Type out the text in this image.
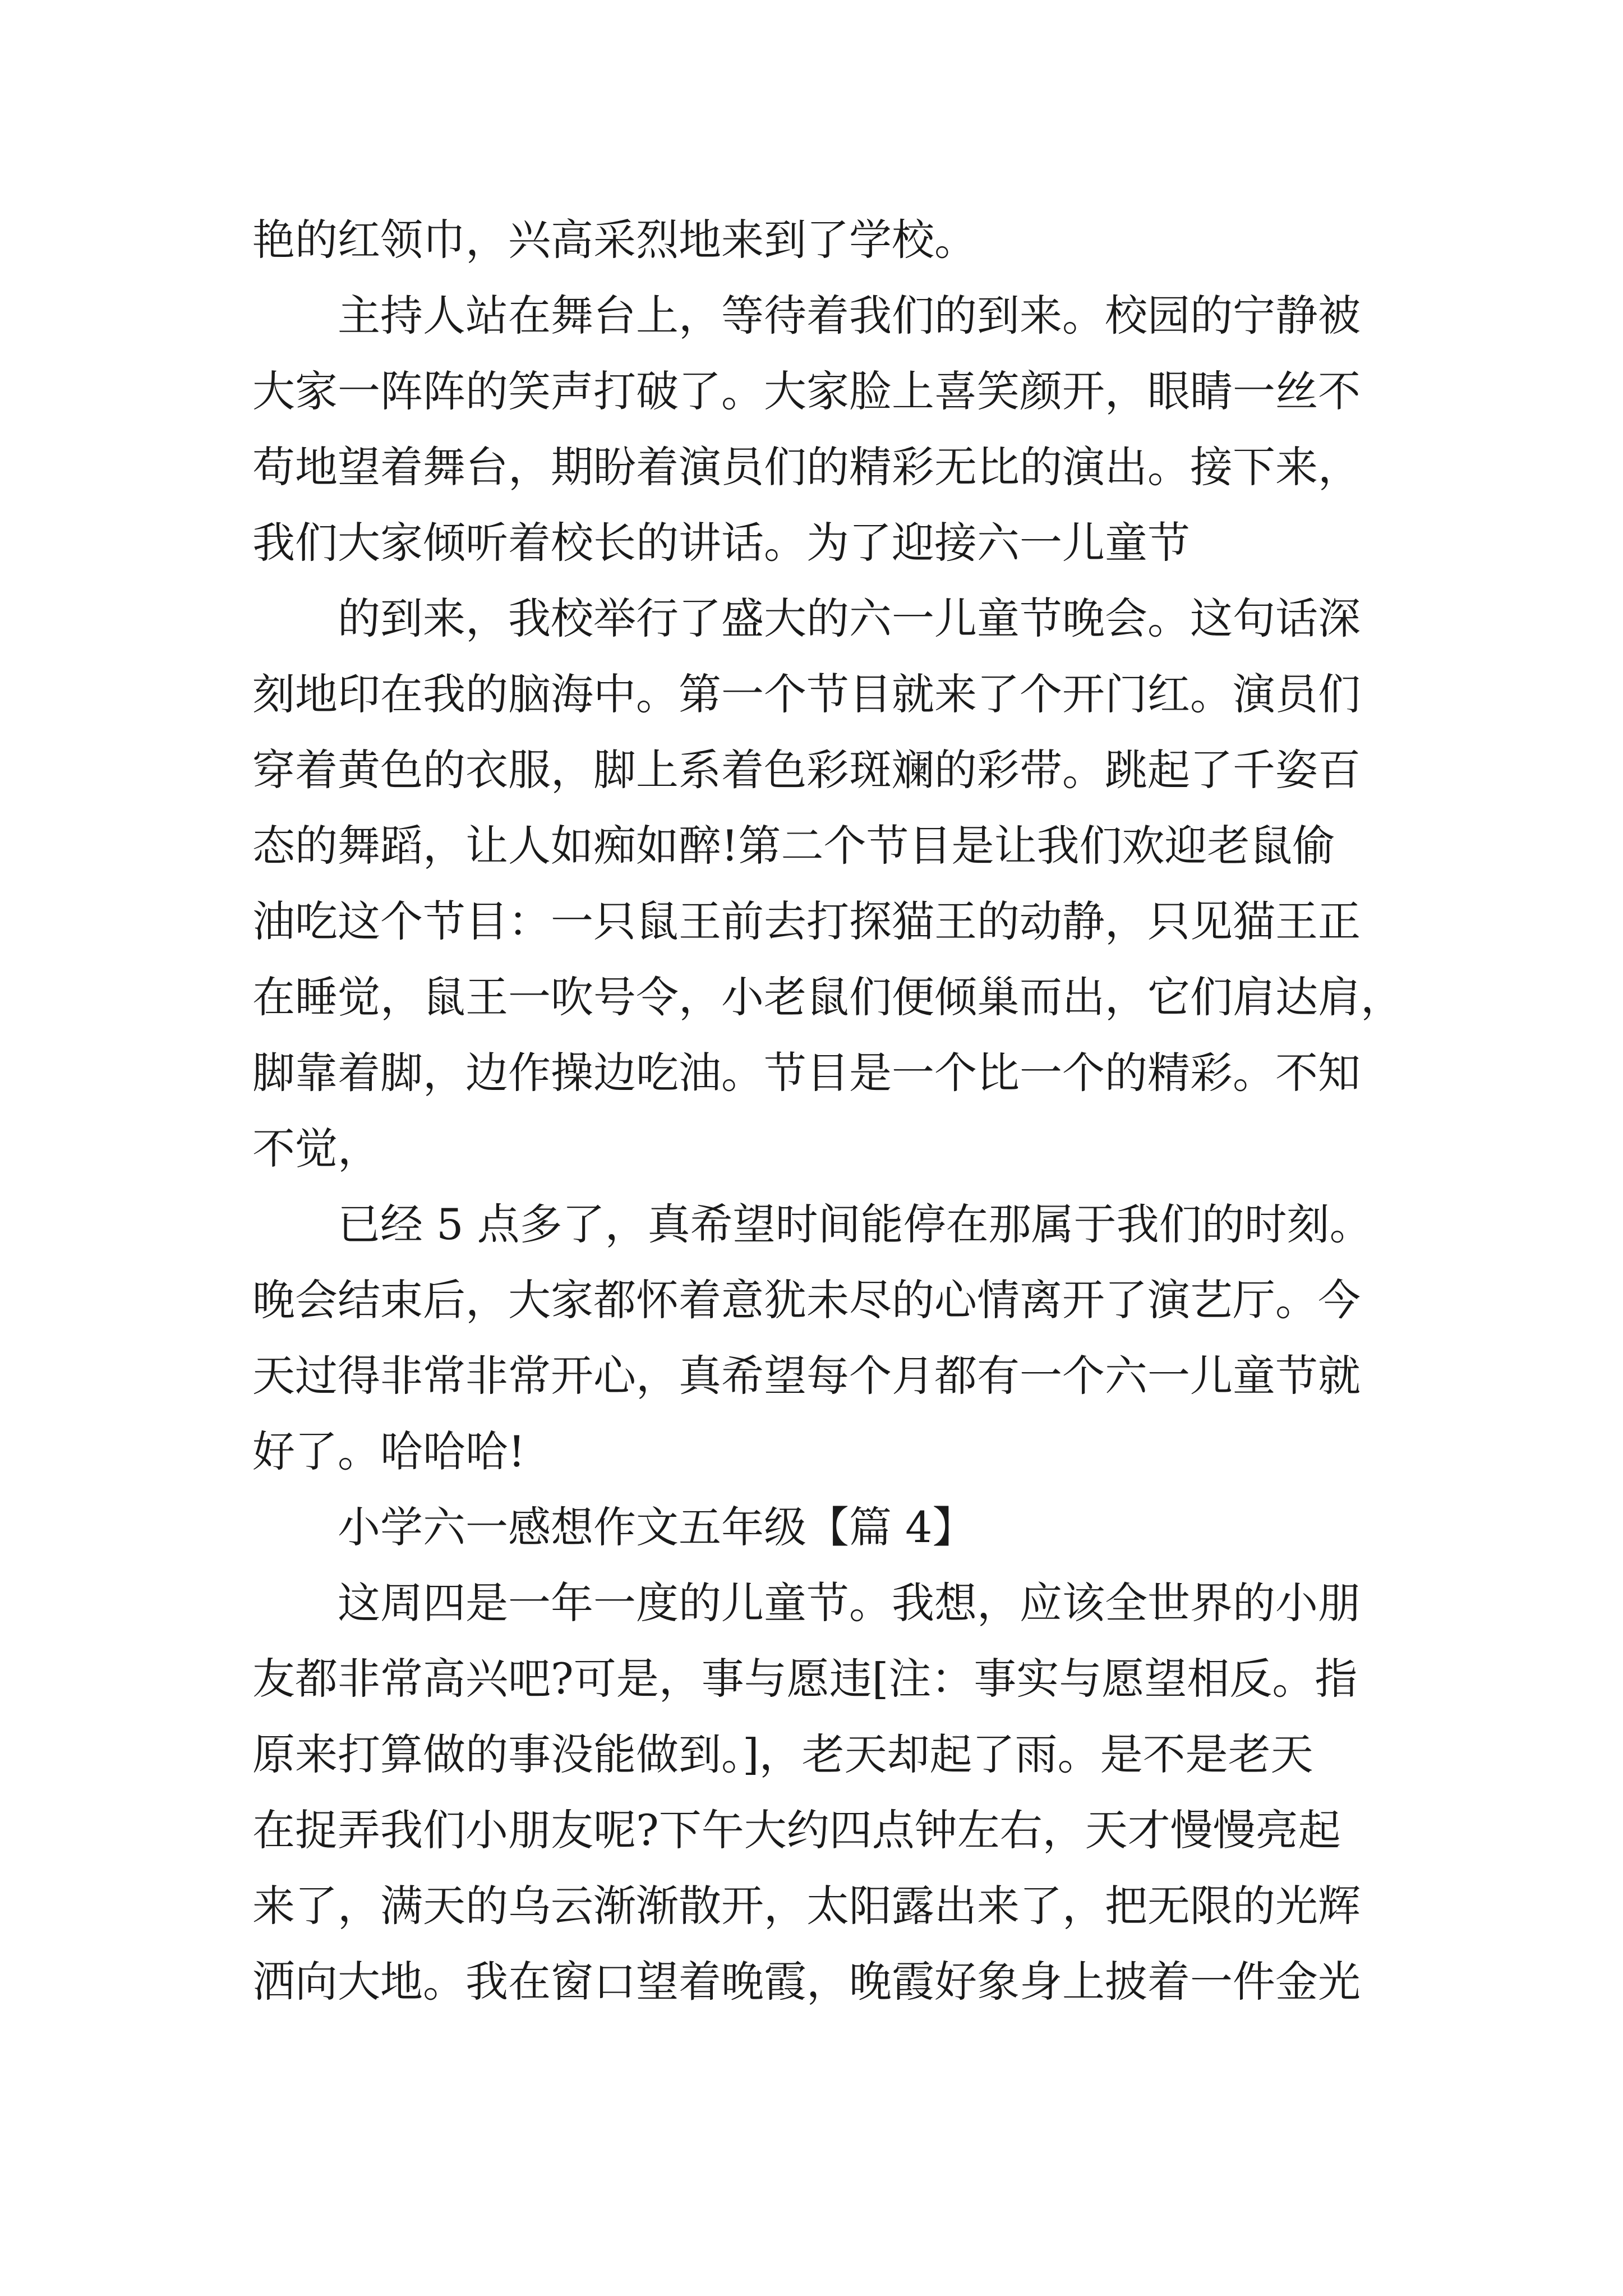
艳的红领巾，兴高采烈地来到了学校。
主持人站在舞台上，等待着我们的到来。校园的宁静被
大家一阵阵的笑声打破了。大家脸上喜笑颜开，眼睛一丝不
苟地望着舞台，期盼着演员们的精彩无比的演出。接下来，
我们大家倾听着校长的讲话。为了迎接六一儿童节
的到来，我校举行了盛大的六一儿童节晚会。这句话深
刻地印在我的脑海中。第一个节目就来了个开门红。演员们
穿着黄色的衣服，脚上系着色彩斑斓的彩带。跳起了千姿百
态的舞蹈，让人如痴如醉!第二个节目是让我们欢迎老鼠偷
油吃这个节目：一只鼠王前去打探猫王的动静，只见猫王正
在睡觉，鼠王一吹号令，小老鼠们便倾巢而出，它们肩达肩，
脚靠着脚，边作操边吃油。节目是一个比一个的精彩。不知
不觉，
已经 5 点多了，真希望时间能停在那属于我们的时刻。
晚会结束后，大家都怀着意犹未尽的心情离开了演艺厅。今
天过得非常非常开心，真希望每个月都有一个六一儿童节就
好了。哈哈哈!
小学六一感想作文五年级【篇 4】
这周四是一年一度的儿童节。我想，应该全世界的小朋
友都非常高兴吧?可是，事与愿违[注：事实与愿望相反。指
原来打算做的事没能做到。]，老天却起了雨。是不是老天
在捉弄我们小朋友呢?下午大约四点钟左右，天才慢慢亮起
来了，满天的乌云渐渐散开，太阳露出来了，把无限的光辉
洒向大地。我在窗口望着晚霞，晚霞好象身上披着一件金光
